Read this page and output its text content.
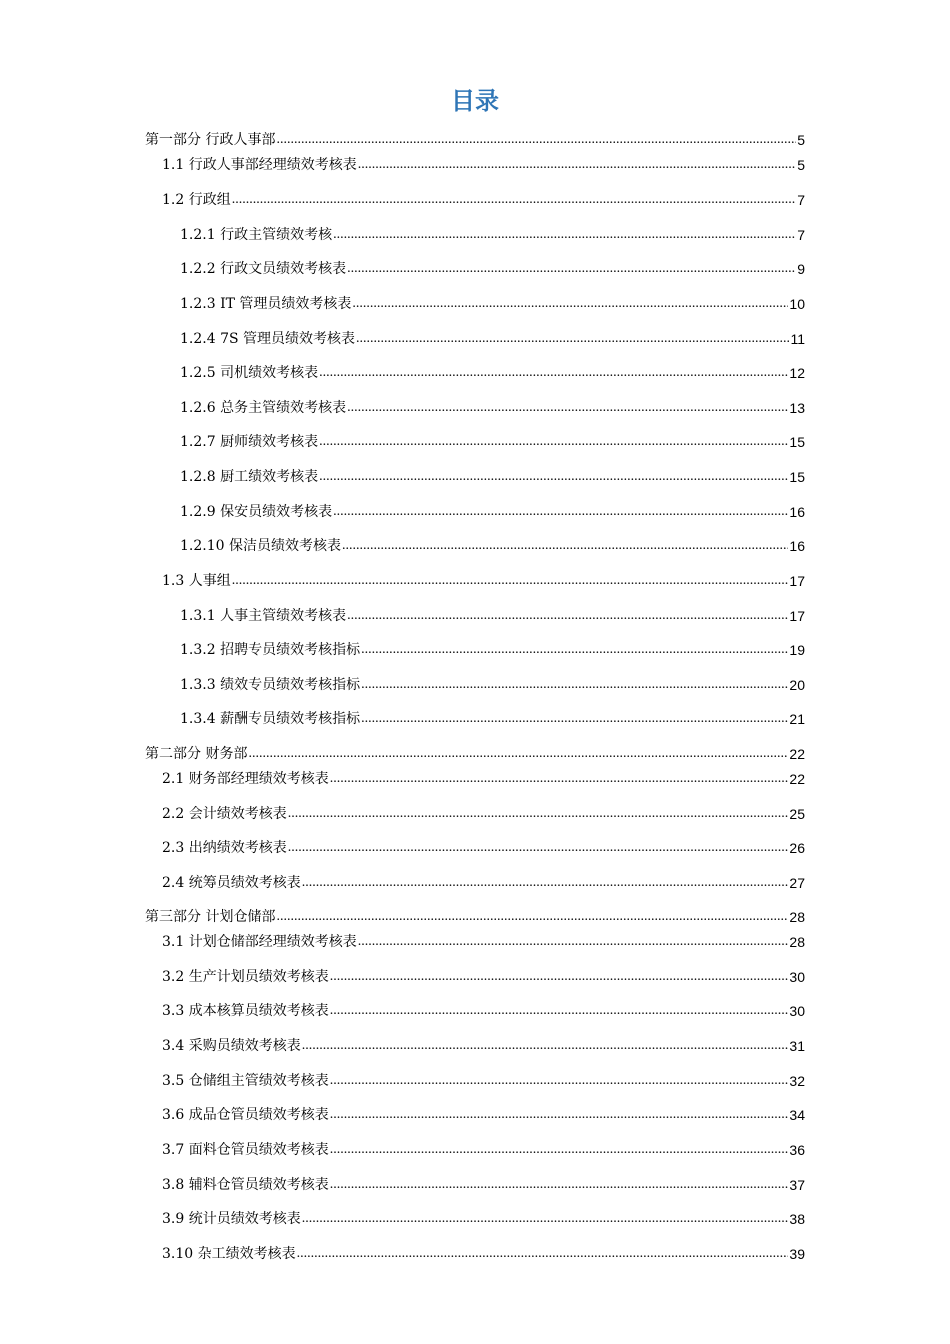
目录
第一部分 行政人事部 .....	5
1.1 行政人事部经理绩效考核表 .....	5
1.2 行政组 .....	7
1.2.1 行政主管绩效考核 .....	7
1.2.2 行政文员绩效考核表 .....	9
1.2.3 IT 管理员绩效考核表 .....	10
1.2.4 7S 管理员绩效考核表 .....	11
1.2.5 司机绩效考核表 .....	12
1.2.6 总务主管绩效考核表 .....	13
1.2.7 厨师绩效考核表 .....	15
1.2.8 厨工绩效考核表 .....	15
1.2.9 保安员绩效考核表 .....	16
1.2.10 保洁员绩效考核表 .....	16
1.3 人事组 .....	17
1.3.1 人事主管绩效考核表 .....	17
1.3.2 招聘专员绩效考核指标 .....	19
1.3.3 绩效专员绩效考核指标 .....	20
1.3.4 薪酬专员绩效考核指标 .....	21
第二部分 财务部 .....	22
2.1 财务部经理绩效考核表 .....	22
2.2 会计绩效考核表 .....	25
2.3 出纳绩效考核表 .....	26
2.4 统筹员绩效考核表 .....	27
第三部分 计划仓储部 .....	28
3.1 计划仓储部经理绩效考核表 .....	28
3.2 生产计划员绩效考核表 .....	30
3.3 成本核算员绩效考核表 .....	30
3.4 采购员绩效考核表 .....	31
3.5 仓储组主管绩效考核表 .....	32
3.6 成品仓管员绩效考核表 .....	34
3.7 面料仓管员绩效考核表 .....	36
3.8 辅料仓管员绩效考核表 .....	37
3.9 统计员绩效考核表 .....	38
3.10 杂工绩效考核表 .....	39
